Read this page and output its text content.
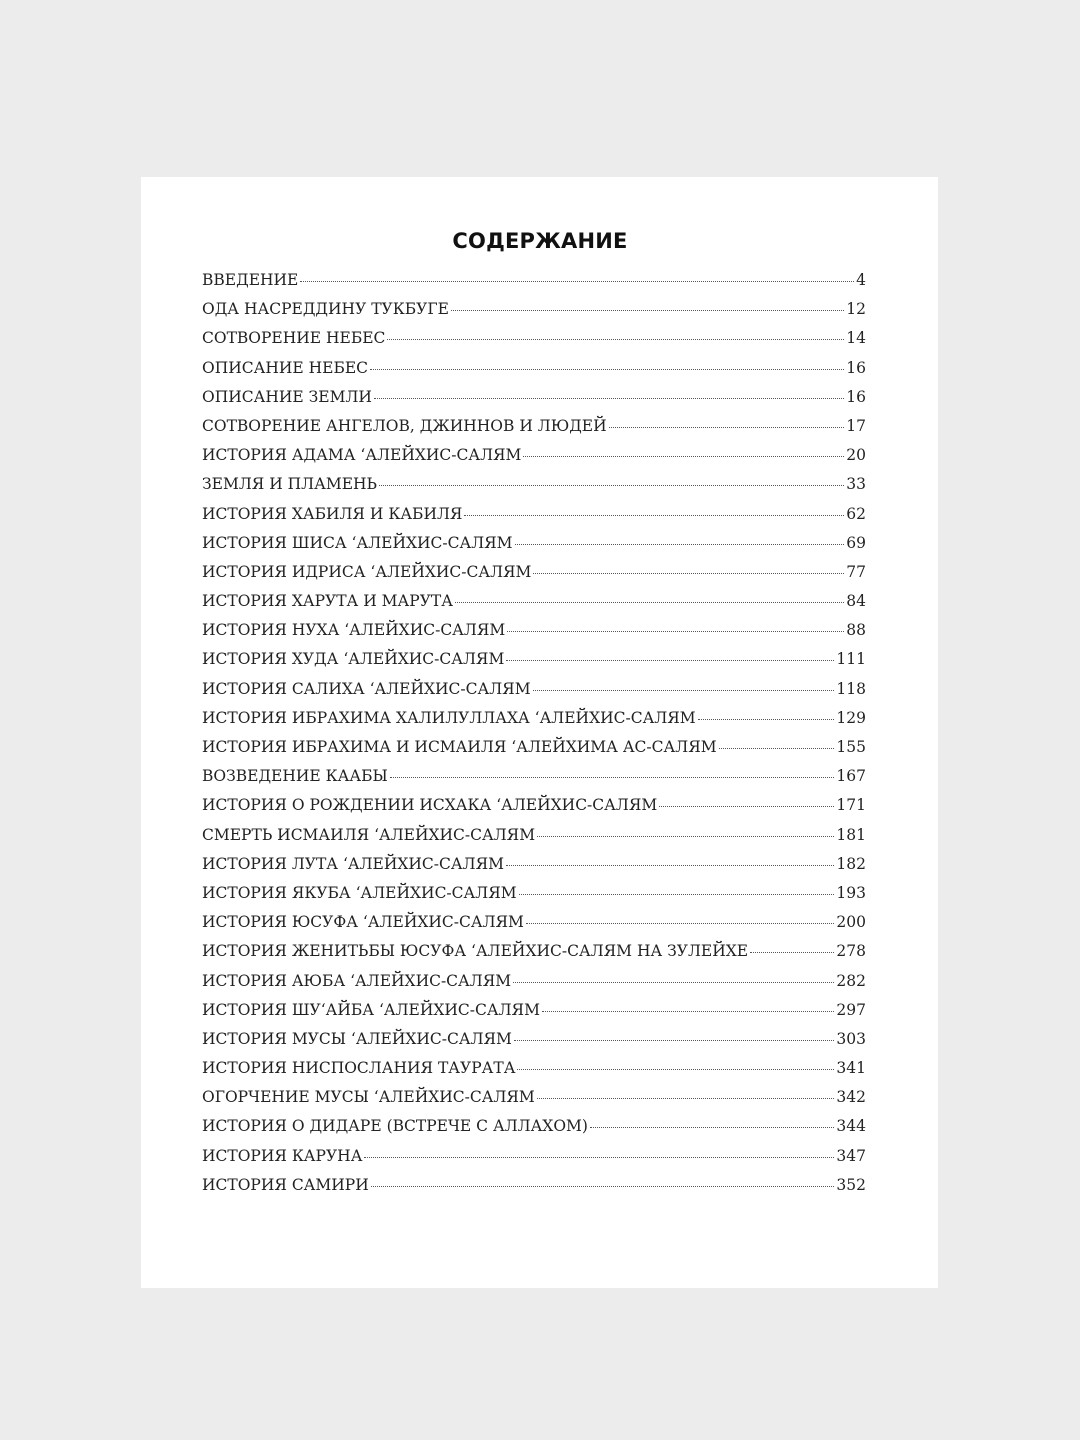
СОДЕРЖАНИЕ
ВВЕДЕНИЕ	4
ОДА НАСРЕДДИНУ ТУКБУГЕ	12
СОТВОРЕНИЕ НЕБЕС	14
ОПИСАНИЕ НЕБЕС	16
ОПИСАНИЕ ЗЕМЛИ	16
СОТВОРЕНИЕ АНГЕЛОВ, ДЖИННОВ И ЛЮДЕЙ	17
ИСТОРИЯ АДАМА ‘АЛЕЙХИС-САЛЯМ	20
ЗЕМЛЯ И ПЛАМЕНЬ	33
ИСТОРИЯ ХАБИЛЯ И КАБИЛЯ	62
ИСТОРИЯ ШИСА ‘АЛЕЙХИС-САЛЯМ	69
ИСТОРИЯ ИДРИСА ‘АЛЕЙХИС-САЛЯМ	77
ИСТОРИЯ ХАРУТА И МАРУТА	84
ИСТОРИЯ НУХА ‘АЛЕЙХИС-САЛЯМ	88
ИСТОРИЯ ХУДА ‘АЛЕЙХИС-САЛЯМ	111
ИСТОРИЯ САЛИХА ‘АЛЕЙХИС-САЛЯМ	118
ИСТОРИЯ ИБРАХИМА ХАЛИЛУЛЛАХА ‘АЛЕЙХИС-САЛЯМ	129
ИСТОРИЯ ИБРАХИМА И ИСМАИЛЯ ‘АЛЕЙХИМА АС-САЛЯМ	155
ВОЗВЕДЕНИЕ КААБЫ	167
ИСТОРИЯ О РОЖДЕНИИ ИСХАКА ‘АЛЕЙХИС-САЛЯМ	171
СМЕРТЬ ИСМАИЛЯ ‘АЛЕЙХИС-САЛЯМ	181
ИСТОРИЯ ЛУТА ‘АЛЕЙХИС-САЛЯМ	182
ИСТОРИЯ ЯКУБА ‘АЛЕЙХИС-САЛЯМ	193
ИСТОРИЯ ЮСУФА ‘АЛЕЙХИС-САЛЯМ	200
ИСТОРИЯ ЖЕНИТЬБЫ ЮСУФА ‘АЛЕЙХИС-САЛЯМ НА ЗУЛЕЙХЕ	278
ИСТОРИЯ АЮБА ‘АЛЕЙХИС-САЛЯМ	282
ИСТОРИЯ ШУ‘АЙБА ‘АЛЕЙХИС-САЛЯМ	297
ИСТОРИЯ МУСЫ ‘АЛЕЙХИС-САЛЯМ	303
ИСТОРИЯ НИСПОСЛАНИЯ ТАУРАТА	341
ОГОРЧЕНИЕ МУСЫ ‘АЛЕЙХИС-САЛЯМ	342
ИСТОРИЯ О ДИДАРЕ (ВСТРЕЧЕ С АЛЛАХОМ)	344
ИСТОРИЯ КАРУНА	347
ИСТОРИЯ САМИРИ	352
